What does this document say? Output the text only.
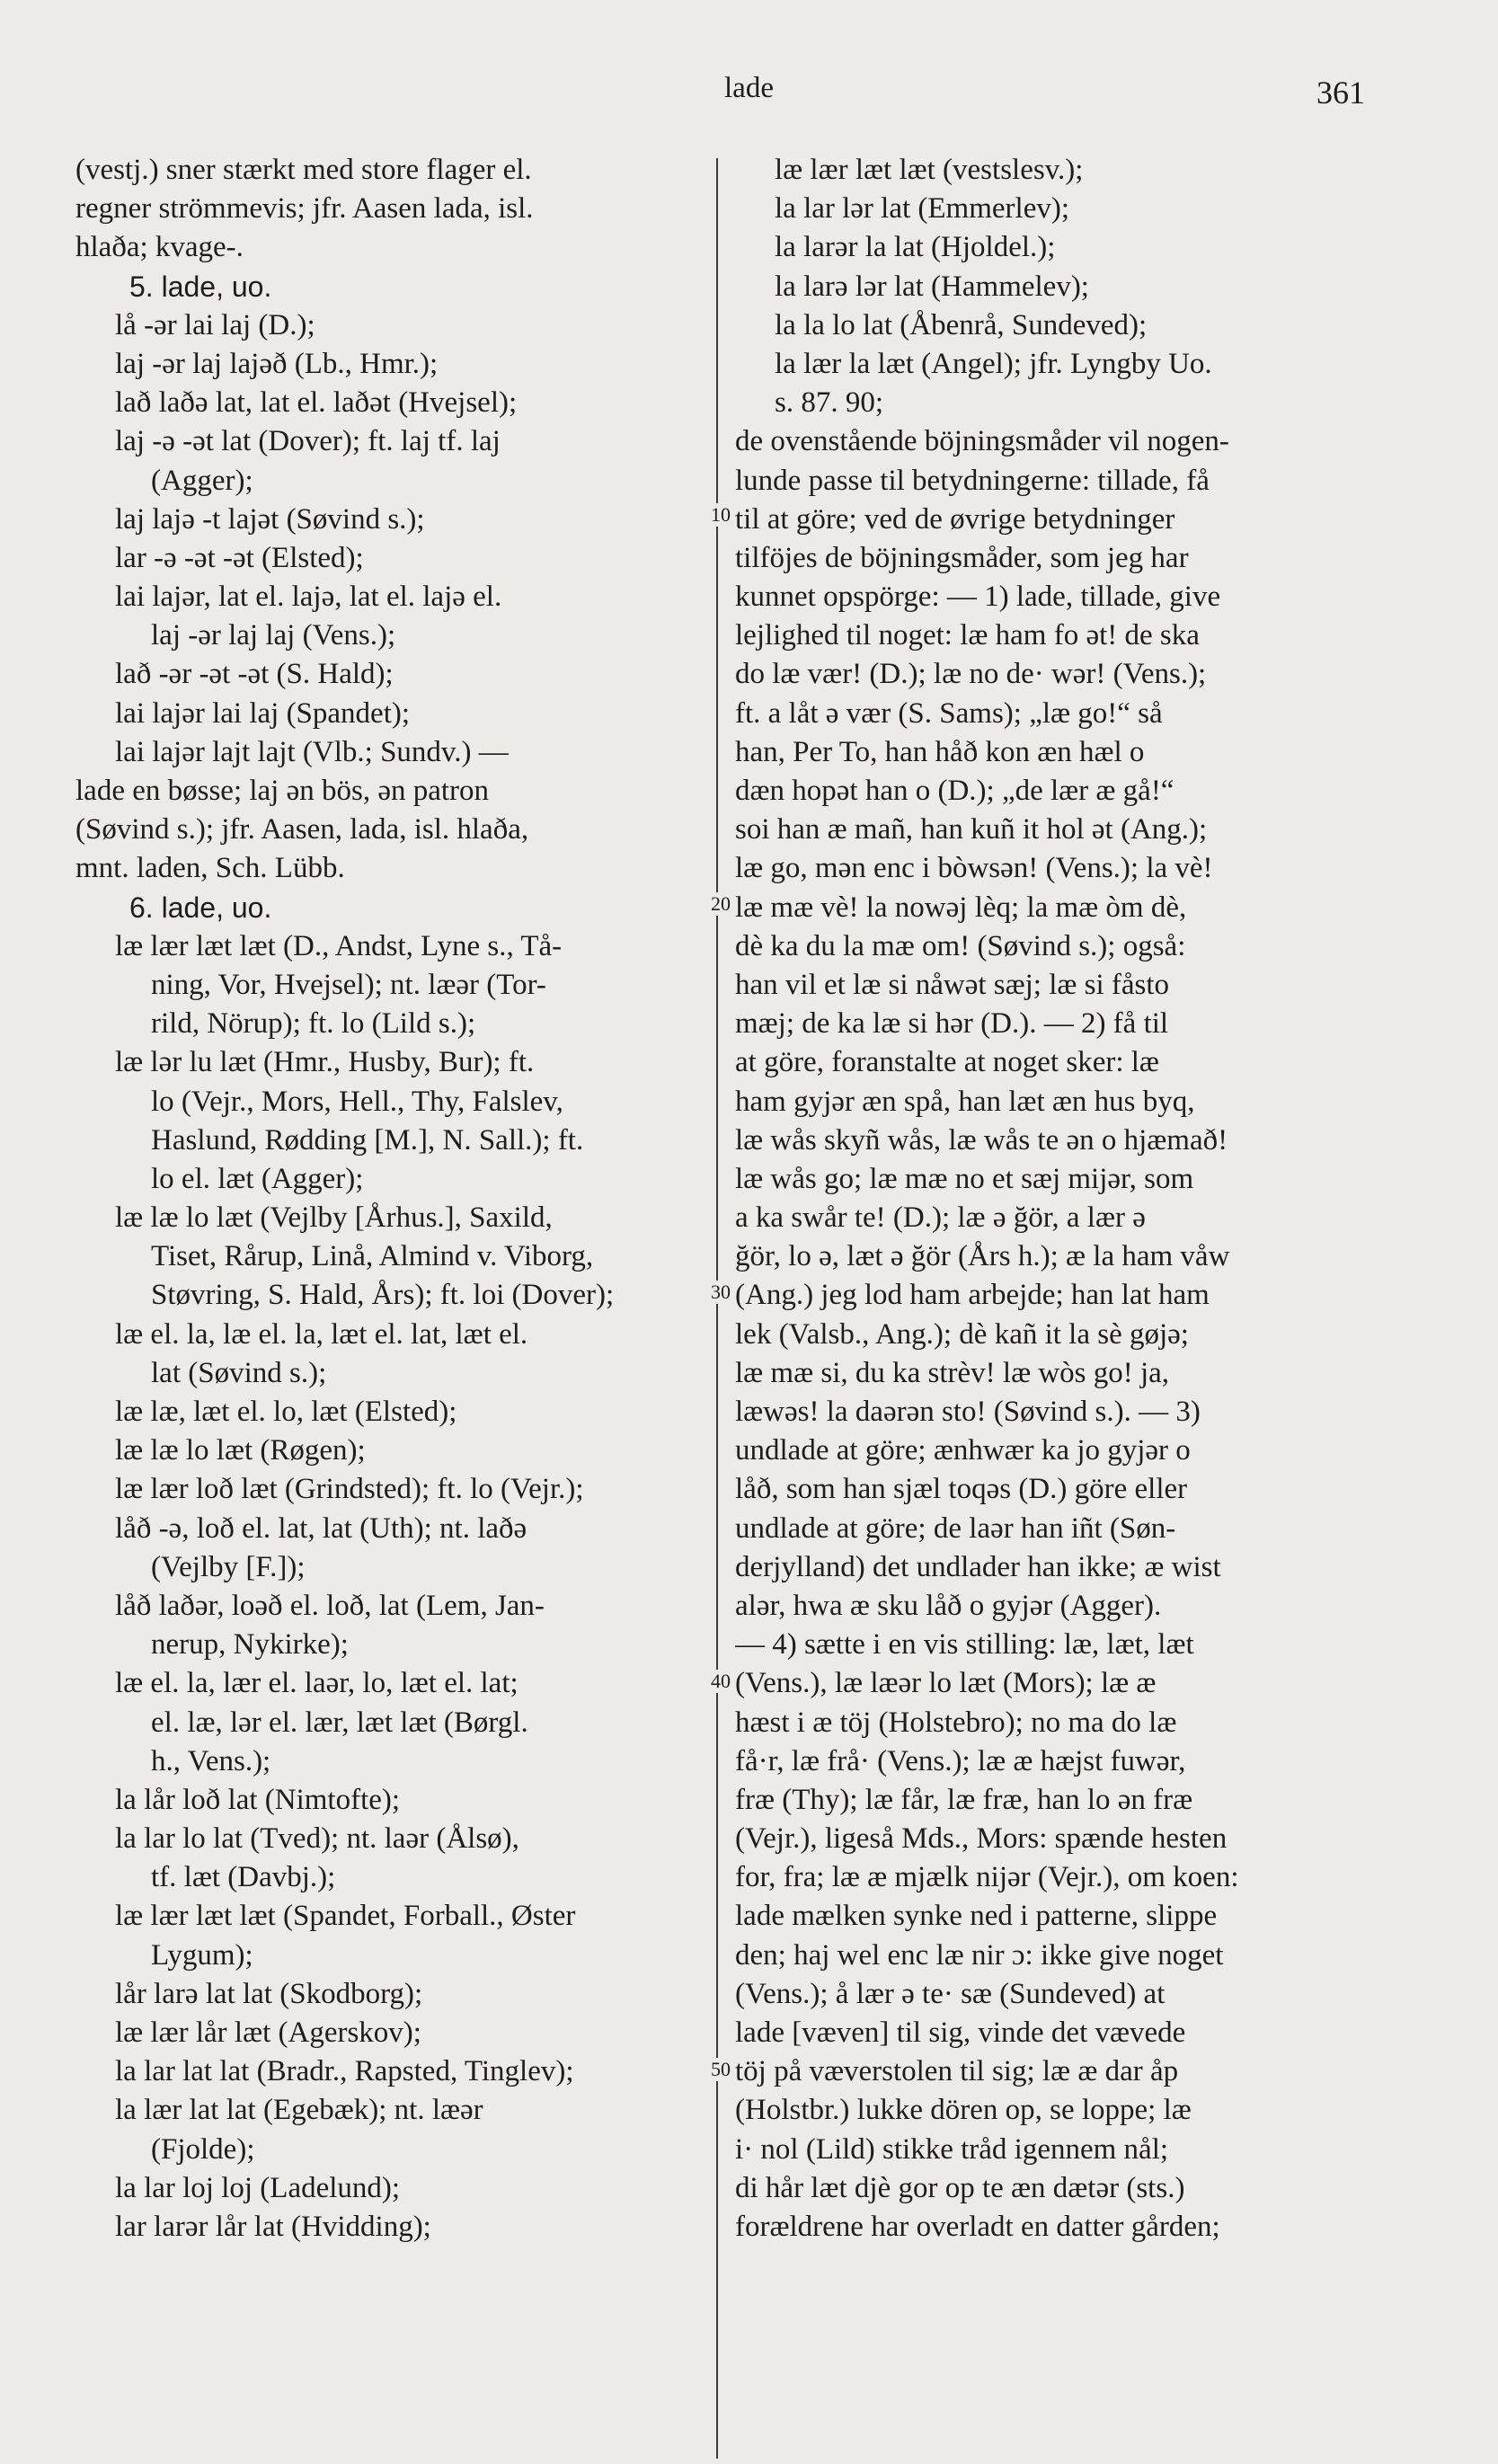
lade	361
10
20
30
40
50
(vestj.) sner stærkt med store flager el.
regner strömmevis; jfr. Aasen lada, isl.
hlaða; kvage-.
5. lade, uo.
lå -ər lai laj (D.);
laj -ər laj lajəð (Lb., Hmr.);
lað laðə lat, lat el. laðət (Hvejsel);
laj -ə -ət lat (Dover); ft. laj tf. laj
(Agger);
laj lajə -t lajət (Søvind s.);
lar -ə -ət -ət (Elsted);
lai lajər, lat el. lajə, lat el. lajə el.
laj -ər laj laj (Vens.);
lað -ər -ət -ət (S. Hald);
lai lajər lai laj (Spandet);
lai lajər lajt lajt (Vlb.; Sundv.) —
lade en bøsse; laj ən bös, ən patron
(Søvind s.); jfr. Aasen, lada, isl. hlaða,
mnt. laden, Sch. Lübb.
6. lade, uo.
læ lær læt læt (D., Andst, Lyne s., Tå-
ning, Vor, Hvejsel); nt. læər (Tor-
rild, Nörup); ft. lo (Lild s.);
læ lər lu læt (Hmr., Husby, Bur); ft.
lo (Vejr., Mors, Hell., Thy, Falslev,
Haslund, Rødding [M.], N. Sall.); ft.
lo el. læt (Agger);
læ læ lo læt (Vejlby [Århus.], Saxild,
Tiset, Rårup, Linå, Almind v. Viborg,
Støvring, S. Hald, Års); ft. loi (Dover);
læ el. la, læ el. la, læt el. lat, læt el.
lat (Søvind s.);
læ læ, læt el. lo, læt (Elsted);
læ læ lo læt (Røgen);
læ lær loð læt (Grindsted); ft. lo (Vejr.);
låð -ə, loð el. lat, lat (Uth); nt. laðə
(Vejlby [F.]);
låð laðər, loəð el. loð, lat (Lem, Jan-
nerup, Nykirke);
læ el. la, lær el. laər, lo, læt el. lat;
el. læ, lər el. lær, læt læt (Børgl.
h., Vens.);
la lår loð lat (Nimtofte);
la lar lo lat (Tved); nt. laər (Ålsø),
tf. læt (Davbj.);
læ lær læt læt (Spandet, Forball., Øster
Lygum);
lår larə lat lat (Skodborg);
læ lær lår læt (Agerskov);
la lar lat lat (Bradr., Rapsted, Tinglev);
la lær lat lat (Egebæk); nt. læər
(Fjolde);
la lar loj loj (Ladelund);
lar larər lår lat (Hvidding);
læ lær læt læt (vestslesv.);
la lar lər lat (Emmerlev);
la larər la lat (Hjoldel.);
la larə lər lat (Hammelev);
la la lo lat (Åbenrå, Sundeved);
la lær la læt (Angel); jfr. Lyngby Uo.
s. 87. 90;
de ovenstående böjningsmåder vil nogen-
lunde passe til betydningerne: tillade, få
til at göre; ved de øvrige betydninger
tilföjes de böjningsmåder, som jeg har
kunnet opspörge: — 1) lade, tillade, give
lejlighed til noget: læ ham fo ət! de ska
do læ vær! (D.); læ no de· wər! (Vens.);
ft. a låt ə vær (S. Sams); „læ go!“ så
han, Per To, han håð kon æn hæl o
dæn hopət han o (D.); „de lær æ gå!“
soi han æ mañ, han kuñ it hol ət (Ang.);
læ go, mən enc i bòwsən! (Vens.); la vè!
læ mæ vè! la nowəj lèq; la mæ òm dè,
dè ka du la mæ om! (Søvind s.); også:
han vil et læ si nåwət sæj; læ si fåsto
mæj; de ka læ si hər (D.). — 2) få til
at göre, foranstalte at noget sker: læ
ham gyjər æn spå, han læt æn hus byq,
læ wås skyñ wås, læ wås te ən o hjæmað!
læ wås go; læ mæ no et sæj mijər, som
a ka swår te! (D.); læ ə ğör, a lær ə
ğör, lo ə, læt ə ğör (Års h.); æ la ham våw
(Ang.) jeg lod ham arbejde; han lat ham
lek (Valsb., Ang.); dè kañ it la sè gøjə;
læ mæ si, du ka strèv! læ wòs go! ja,
læwəs! la daərən sto! (Søvind s.). — 3)
undlade at göre; ænhwær ka jo gyjər o
låð, som han sjæl toqəs (D.) göre eller
undlade at göre; de laər han iñt (Søn-
derjylland) det undlader han ikke; æ wist
alər, hwa æ sku låð o gyjər (Agger).
— 4) sætte i en vis stilling: læ, læt, læt
(Vens.), læ læər lo læt (Mors); læ æ
hæst i æ töj (Holstebro); no ma do læ
få·r, læ frå· (Vens.); læ æ hæjst fuwər,
fræ (Thy); læ får, læ fræ, han lo ən fræ
(Vejr.), ligeså Mds., Mors: spænde hesten
for, fra; læ æ mjælk nijər (Vejr.), om koen:
lade mælken synke ned i patterne, slippe
den; haj wel enc læ nir ɔ: ikke give noget
(Vens.); å lær ə te· sæ (Sundeved) at
lade [væven] til sig, vinde det vævede
töj på væverstolen til sig; læ æ dar åp
(Holstbr.) lukke dören op, se loppe; læ
i· nol (Lild) stikke tråd igennem nål;
di hår læt djè gor op te æn dætər (sts.)
forældrene har overladt en datter gården;
